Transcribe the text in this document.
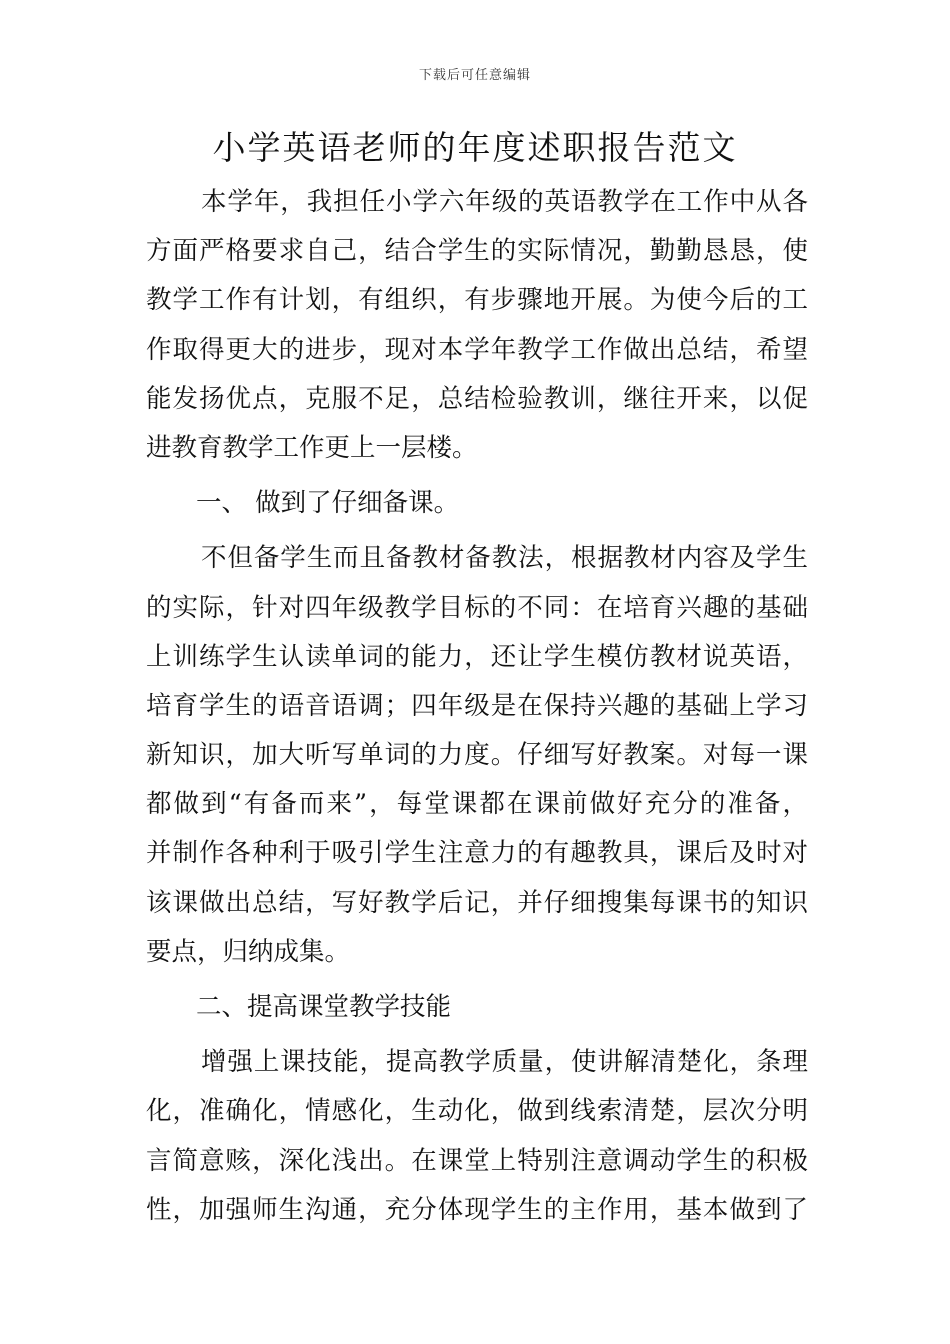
下载后可任意编辑
小学英语老师的年度述职报告范文
本学年，我担任小学六年级的英语教学在工作中从各
方面严格要求自己，结合学生的实际情况，勤勤恳恳，使
教学工作有计划，有组织，有步骤地开展。为使今后的工
作取得更大的进步，现对本学年教学工作做出总结，希望
能发扬优点，克服不足，总结检验教训，继往开来，以促
进教育教学工作更上一层楼。
一、 做到了仔细备课。
不但备学生而且备教材备教法，根据教材内容及学生
的实际，针对四年级教学目标的不同：在培育兴趣的基础
上训练学生认读单词的能力，还让学生模仿教材说英语，
培育学生的语音语调；四年级是在保持兴趣的基础上学习
新知识，加大听写单词的力度。仔细写好教案。对每一课
都做到“有备而来”，每堂课都在课前做好充分的准备，
并制作各种利于吸引学生注意力的有趣教具，课后及时对
该课做出总结，写好教学后记，并仔细搜集每课书的知识
要点，归纳成集。
二、提高课堂教学技能
增强上课技能，提高教学质量，使讲解清楚化，条理
化，准确化，情感化，生动化，做到线索清楚，层次分明
言简意赅，深化浅出。在课堂上特别注意调动学生的积极
性，加强师生沟通，充分体现学生的主作用，基本做到了
